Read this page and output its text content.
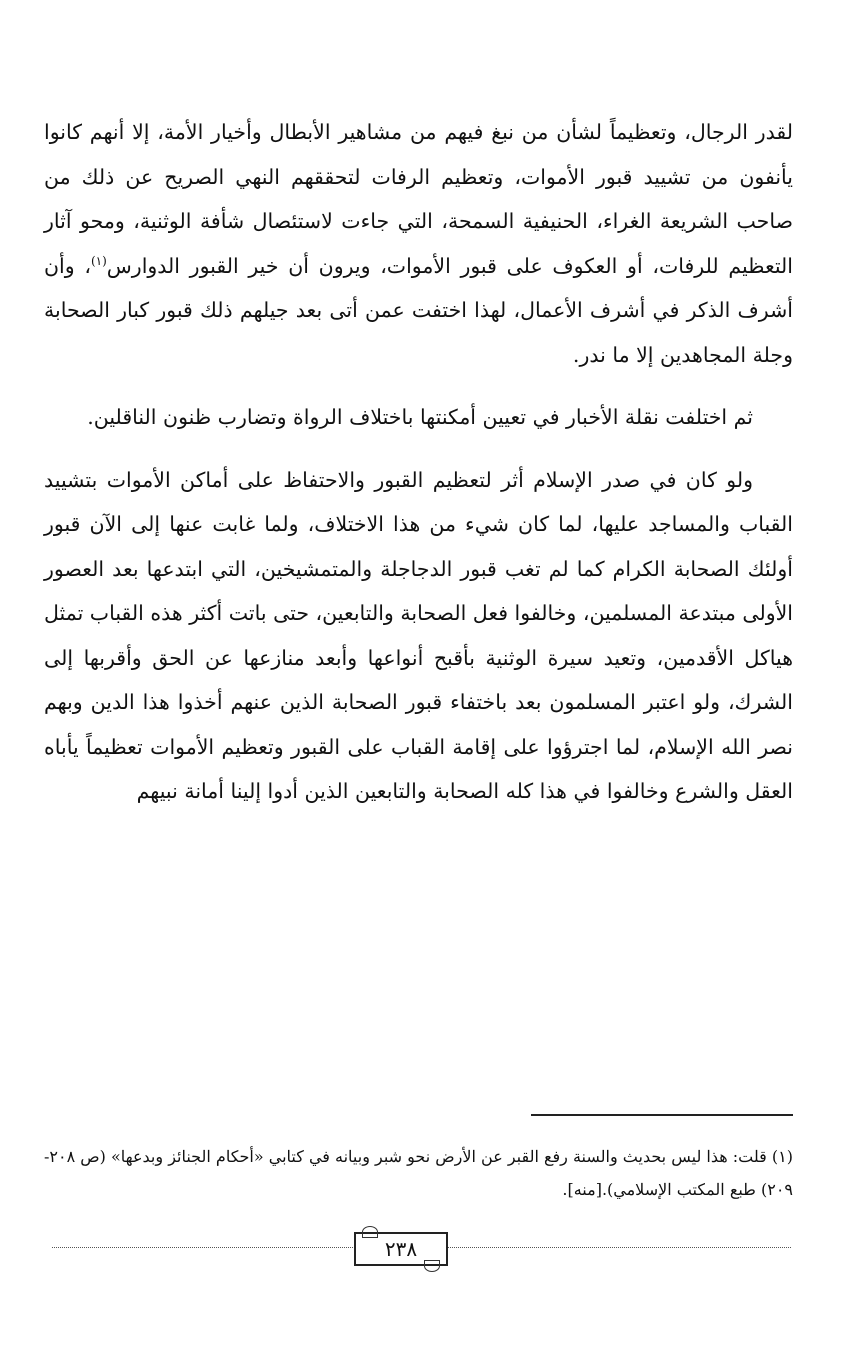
لقدر الرجال، وتعظيماً لشأن من نبغ فيهم من مشاهير الأبطال وأخيار الأمة، إلا أنهم كانوا يأنفون من تشييد قبور الأموات، وتعظيم الرفات لتحققهم النهي الصريح عن ذلك من صاحب الشريعة الغراء، الحنيفية السمحة، التي جاءت لاستئصال شأفة الوثنية، ومحو آثار التعظيم للرفات، أو العكوف على قبور الأموات، ويرون أن خير القبور الدوارس$^{(١)}$، وأن أشرف الذكر في أشرف الأعمال، لهذا اختفت عمن أتى بعد جيلهم ذلك قبور كبار الصحابة وجلة المجاهدين إلا ما ندر.

ثم اختلفت نقلة الأخبار في تعيين أمكنتها باختلاف الرواة وتضارب ظنون الناقلين.

ولو كان في صدر الإسلام أثر لتعظيم القبور والاحتفاظ على أماكن الأموات بتشييد القباب والمساجد عليها، لما كان شيء من هذا الاختلاف، ولما غابت عنها إلى الآن قبور أولئك الصحابة الكرام كما لم تغب قبور الدجاجلة والمتمشيخين، التي ابتدعها بعد العصور الأولى مبتدعة المسلمين، وخالفوا فعل الصحابة والتابعين، حتى باتت أكثر هذه القباب تمثل هياكل الأقدمين، وتعيد سيرة الوثنية بأقبح أنواعها وأبعد منازعها عن الحق وأقربها إلى الشرك، ولو اعتبر المسلمون بعد باختفاء قبور الصحابة الذين عنهم أخذوا هذا الدين وبهم نصر الله الإسلام، لما اجترؤوا على إقامة القباب على القبور وتعظيم الأموات تعظيماً يأباه العقل والشرع وخالفوا في هذا كله الصحابة والتابعين الذين أدوا إلينا أمانة نبيهم

(١) قلت: هذا ليس بحديث والسنة رفع القبر عن الأرض نحو شبر وبيانه في كتابي «أحكام الجنائز وبدعها» (ص ٢٠٨- ٢٠٩) طبع المكتب الإسلامي).[منه].

٢٣٨
